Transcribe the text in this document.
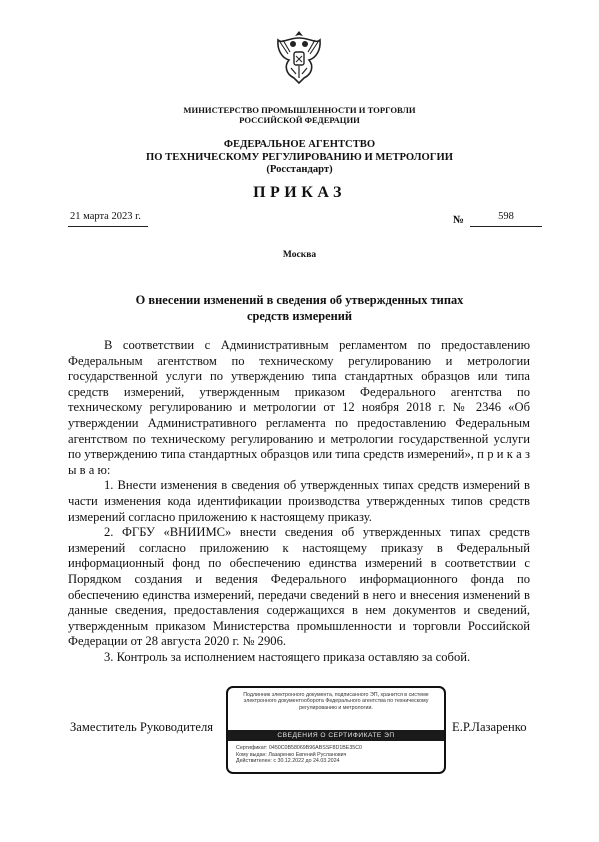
МИНИСТЕРСТВО ПРОМЫШЛЕННОСТИ И ТОРГОВЛИ
РОССИЙСКОЙ ФЕДЕРАЦИИ
ФЕДЕРАЛЬНОЕ АГЕНТСТВО
ПО ТЕХНИЧЕСКОМУ РЕГУЛИРОВАНИЮ И МЕТРОЛОГИИ
(Росстандарт)
ПРИКАЗ
21 марта 2023 г.	№	598
Москва
О внесении изменений в сведения об утвержденных типах
средств измерений

В соответствии с Административным регламентом по предоставлению Федеральным агентством по техническому регулированию и метрологии государственной услуги по утверждению типа стандартных образцов или типа средств измерений, утвержденным приказом Федерального агентства по техническому регулированию и метрологии от 12 ноября 2018 г. № 2346 «Об утверждении Административного регламента по предоставлению Федеральным агентством по техническому регулированию и метрологии государственной услуги по утверждению типа стандартных образцов или типа средств измерений», п р и к а з ы в а ю:

1. Внести изменения в сведения об утвержденных типах средств измерений в части изменения кода идентификации производства утвержденных типов средств измерений согласно приложению к настоящему приказу.

2. ФГБУ «ВНИИМС» внести сведения об утвержденных типах средств измерений согласно приложению к настоящему приказу в Федеральный информационный фонд по обеспечению единства измерений в соответствии с Порядком создания и ведения Федерального информационного фонда по обеспечению единства измерений, передачи сведений в него и внесения изменений в данные сведения, предоставления содержащихся в нем документов и сведений, утвержденным приказом Министерства промышленности и торговли Российской Федерации от 28 августа 2020 г. № 2906.

3. Контроль за исполнением настоящего приказа оставляю за собой.

Заместитель Руководителя
Подлинник электронного документа, подписанного ЭП, хранится в системе электронного документооборота Федерального агентства по техническому регулированию и метрологии.
СВЕДЕНИЯ О СЕРТИФИКАТЕ ЭП
Сертификат: 0450C0B58069B96ABSSF8D1BE35C0
Кому выдан: Лазаренко Евгений Русланович
Действителен: с 30.12.2022 до 24.03.2024
Е.Р.Лазаренко
